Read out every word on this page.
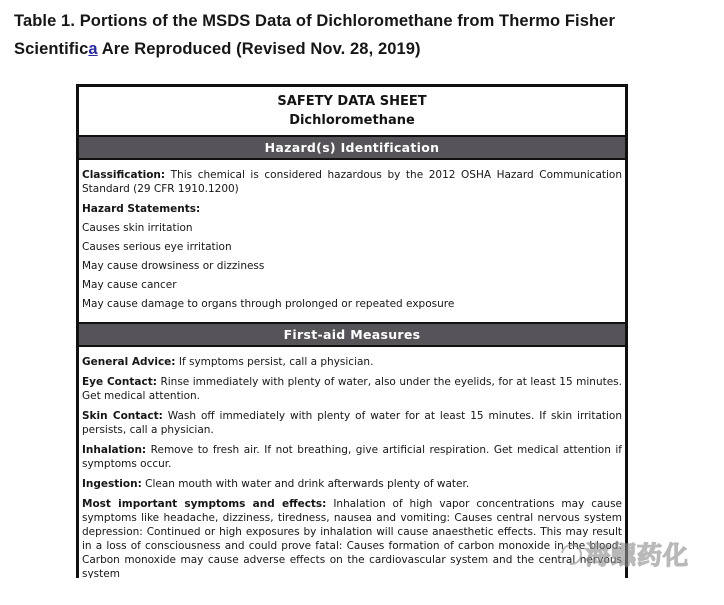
Table 1. Portions of the MSDS Data of Dichloromethane from Thermo Fisher
Scientifica Are Reproduced (Revised Nov. 28, 2019)
SAFETY DATA SHEET
Dichloromethane
Hazard(s) Identification

Classification: This chemical is considered hazardous by the 2012 OSHA Hazard Communication Standard (29 CFR 1910.1200)

Hazard Statements:

Causes skin irritation

Causes serious eye irritation

May cause drowsiness or dizziness

May cause cancer

May cause damage to organs through prolonged or repeated exposure

First-aid Measures

General Advice: If symptoms persist, call a physician.

Eye Contact: Rinse immediately with plenty of water, also under the eyelids, for at least 15 minutes. Get medical attention.

Skin Contact: Wash off immediately with plenty of water for at least 15 minutes. If skin irritation persists, call a physician.

Inhalation: Remove to fresh air. If not breathing, give artificial respiration. Get medical attention if symptoms occur.

Ingestion: Clean mouth with water and drink afterwards plenty of water.

Most important symptoms and effects: Inhalation of high vapor concentrations may cause symptoms like headache, dizziness, tiredness, nausea and vomiting: Causes central nervous system depression: Continued or high exposures by inhalation will cause anaesthetic effects. This may result in a loss of consciousness and could prove fatal: Causes formation of carbon monoxide in the blood: Carbon monoxide may cause adverse effects on the cardiovascular system and the central nervous system

海螺药化
